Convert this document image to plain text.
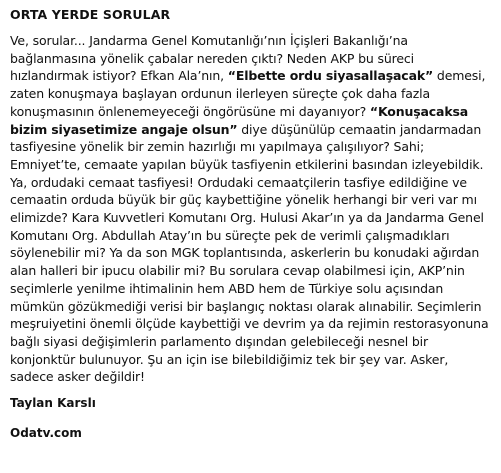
ORTA YERDE SORULAR

Ve, sorular... Jandarma Genel Komutanlığı’nın İçişleri Bakanlığı’na bağlanmasına yönelik çabalar nereden çıktı? Neden AKP bu süreci hızlandırmak istiyor? Efkan Ala’nın, “Elbette ordu siyasallaşacak” demesi, zaten konuşmaya başlayan ordunun ilerleyen süreçte çok daha fazla konuşmasının önlenemeyeceği öngörüsüne mi dayanıyor? “Konuşacaksa bizim siyasetimize angaje olsun” diye düşünülüp cemaatin jandarmadan tasfiyesine yönelik bir zemin hazırlığı mı yapılmaya çalışılıyor? Sahi; Emniyet’te, cemaate yapılan büyük tasfiyenin etkilerini basından izleyebildik. Ya, ordudaki cemaat tasfiyesi! Ordudaki cemaatçilerin tasfiye edildiğine ve cemaatin orduda büyük bir güç kaybettiğine yönelik herhangi bir veri var mı elimizde? Kara Kuvvetleri Komutanı Org. Hulusi Akar’ın ya da Jandarma Genel Komutanı Org. Abdullah Atay’ın bu süreçte pek de verimli çalışmadıkları söylenebilir mi? Ya da son MGK toplantısında, askerlerin bu konudaki ağırdan alan halleri bir ipucu olabilir mi? Bu sorulara cevap olabilmesi için, AKP’nin seçimlerle yenilme ihtimalinin hem ABD hem de Türkiye solu açısından mümkün gözükmediği verisi bir başlangıç noktası olarak alınabilir. Seçimlerin meşruiyetini önemli ölçüde kaybettiği ve devrim ya da rejimin restorasyonuna bağlı siyasi değişimlerin parlamento dışından gelebileceği nesnel bir konjonktür bulunuyor. Şu an için ise bilebildiğimiz tek bir şey var. Asker, sadece asker değildir!

Taylan Karslı
Odatv.com
